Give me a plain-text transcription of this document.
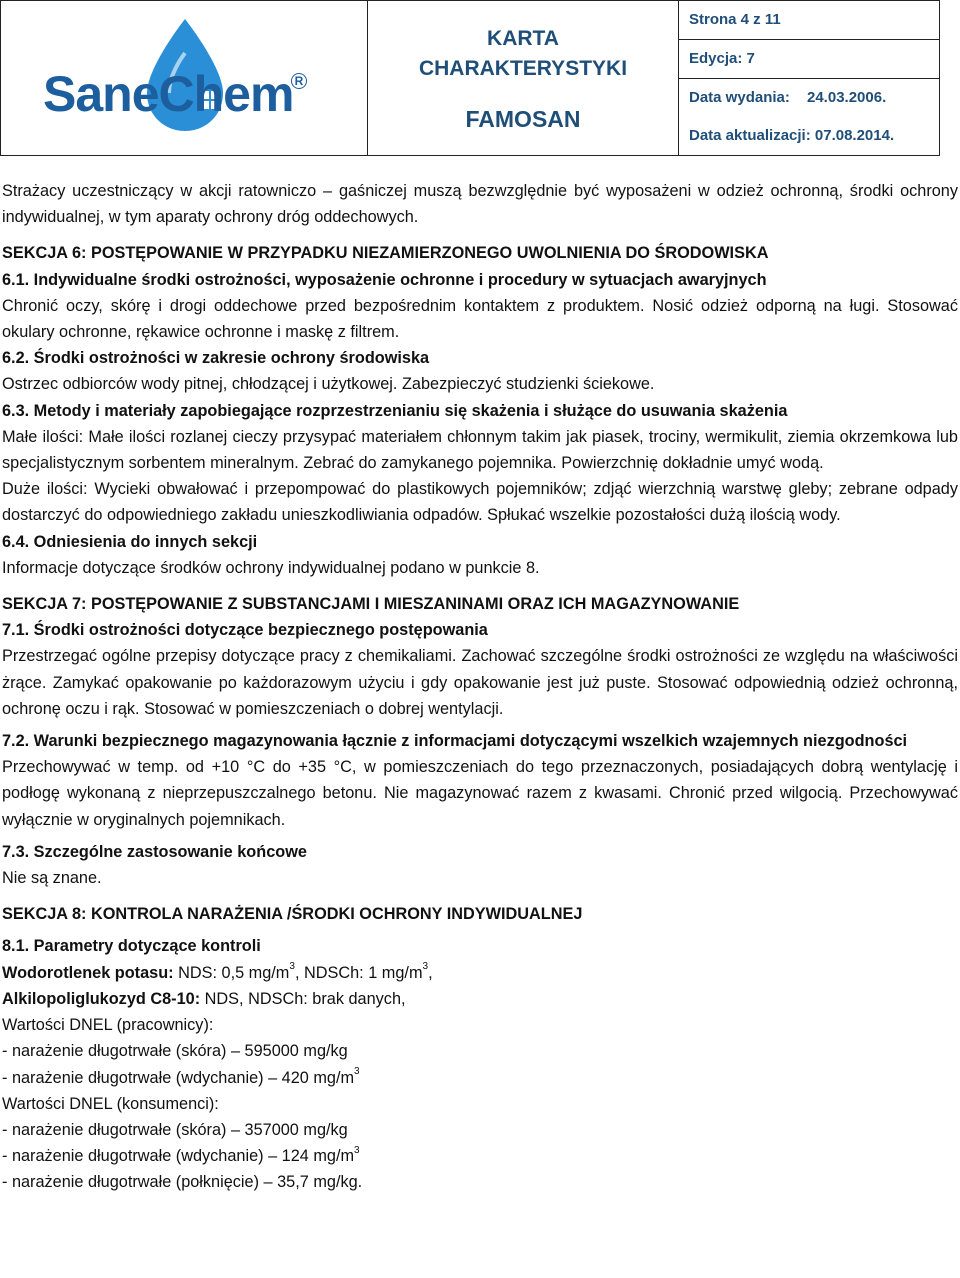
SaneChem R

KARTA
CHARAKTERYSTYKI
FAMOSAN

Strona 4 z 11

Edycja: 7

Data wydania: 24.03.2006.
Data aktualizacji: 07.08.2014.

Strażacy uczestniczący w akcji ratowniczo – gaśniczej muszą bezwzględnie być wyposażeni w odzież ochronną, środki ochrony indywidualnej, w tym aparaty ochrony dróg oddechowych.

SEKCJA 6: POSTĘPOWANIE W PRZYPADKU NIEZAMIERZONEGO UWOLNIENIA DO ŚRODOWISKA

6.1. Indywidualne środki ostrożności, wyposażenie ochronne i procedury w sytuacjach awaryjnych

Chronić oczy, skórę i drogi oddechowe przed bezpośrednim kontaktem z produktem. Nosić odzież odporną na ługi. Stosować okulary ochronne, rękawice ochronne i maskę z filtrem.

6.2. Środki ostrożności w zakresie ochrony środowiska

Ostrzec odbiorców wody pitnej, chłodzącej i użytkowej. Zabezpieczyć studzienki ściekowe.

6.3. Metody i materiały zapobiegające rozprzestrzenianiu się skażenia i służące do usuwania skażenia

Małe ilości: Małe ilości rozlanej cieczy przysypać materiałem chłonnym takim jak piasek, trociny, wermikulit, ziemia okrzemkowa lub specjalistycznym sorbentem mineralnym. Zebrać do zamykanego pojemnika. Powierzchnię dokładnie umyć wodą.

Duże ilości: Wycieki obwałować i przepompować do plastikowych pojemników; zdjąć wierzchnią warstwę gleby; zebrane odpady dostarczyć do odpowiedniego zakładu unieszkodliwiania odpadów. Spłukać wszelkie pozostałości dużą ilością wody.

6.4. Odniesienia do innych sekcji

Informacje dotyczące środków ochrony indywidualnej podano w punkcie 8.

SEKCJA 7: POSTĘPOWANIE Z SUBSTANCJAMI I MIESZANINAMI ORAZ ICH MAGAZYNOWANIE

7.1. Środki ostrożności dotyczące bezpiecznego postępowania

Przestrzegać ogólne przepisy dotyczące pracy z chemikaliami. Zachować szczególne środki ostrożności ze względu na właściwości żrące. Zamykać opakowanie po każdorazowym użyciu i gdy opakowanie jest już puste. Stosować odpowiednią odzież ochronną, ochronę oczu i rąk. Stosować w pomieszczeniach o dobrej wentylacji.

7.2. Warunki bezpiecznego magazynowania łącznie z informacjami dotyczącymi wszelkich wzajemnych niezgodności

Przechowywać w temp. od +10 °C do +35 °C, w pomieszczeniach do tego przeznaczonych, posiadających dobrą wentylację i podłogę wykonaną z nieprzepuszczalnego betonu. Nie magazynować razem z kwasami. Chronić przed wilgocią. Przechowywać wyłącznie w oryginalnych pojemnikach.

7.3. Szczególne zastosowanie końcowe

Nie są znane.

SEKCJA 8: KONTROLA NARAŻENIA /ŚRODKI OCHRONY INDYWIDUALNEJ

8.1. Parametry dotyczące kontroli

Wodorotlenek potasu: NDS: 0,5 $mg/m^3$, NDSCh: 1 $mg/m^3$,

Alkilopoliglukozyd C8-10: NDS, NDSCh: brak danych,

Wartości DNEL (pracownicy):

- narażenie długotrwałe (skóra) – 595000 mg/kg

- narażenie długotrwałe (wdychanie) – 420 $mg/m^3$

Wartości DNEL (konsumenci):

- narażenie długotrwałe (skóra) – 357000 mg/kg

- narażenie długotrwałe (wdychanie) – 124 $mg/m^3$

- narażenie długotrwałe (połknięcie) – 35,7 mg/kg.
